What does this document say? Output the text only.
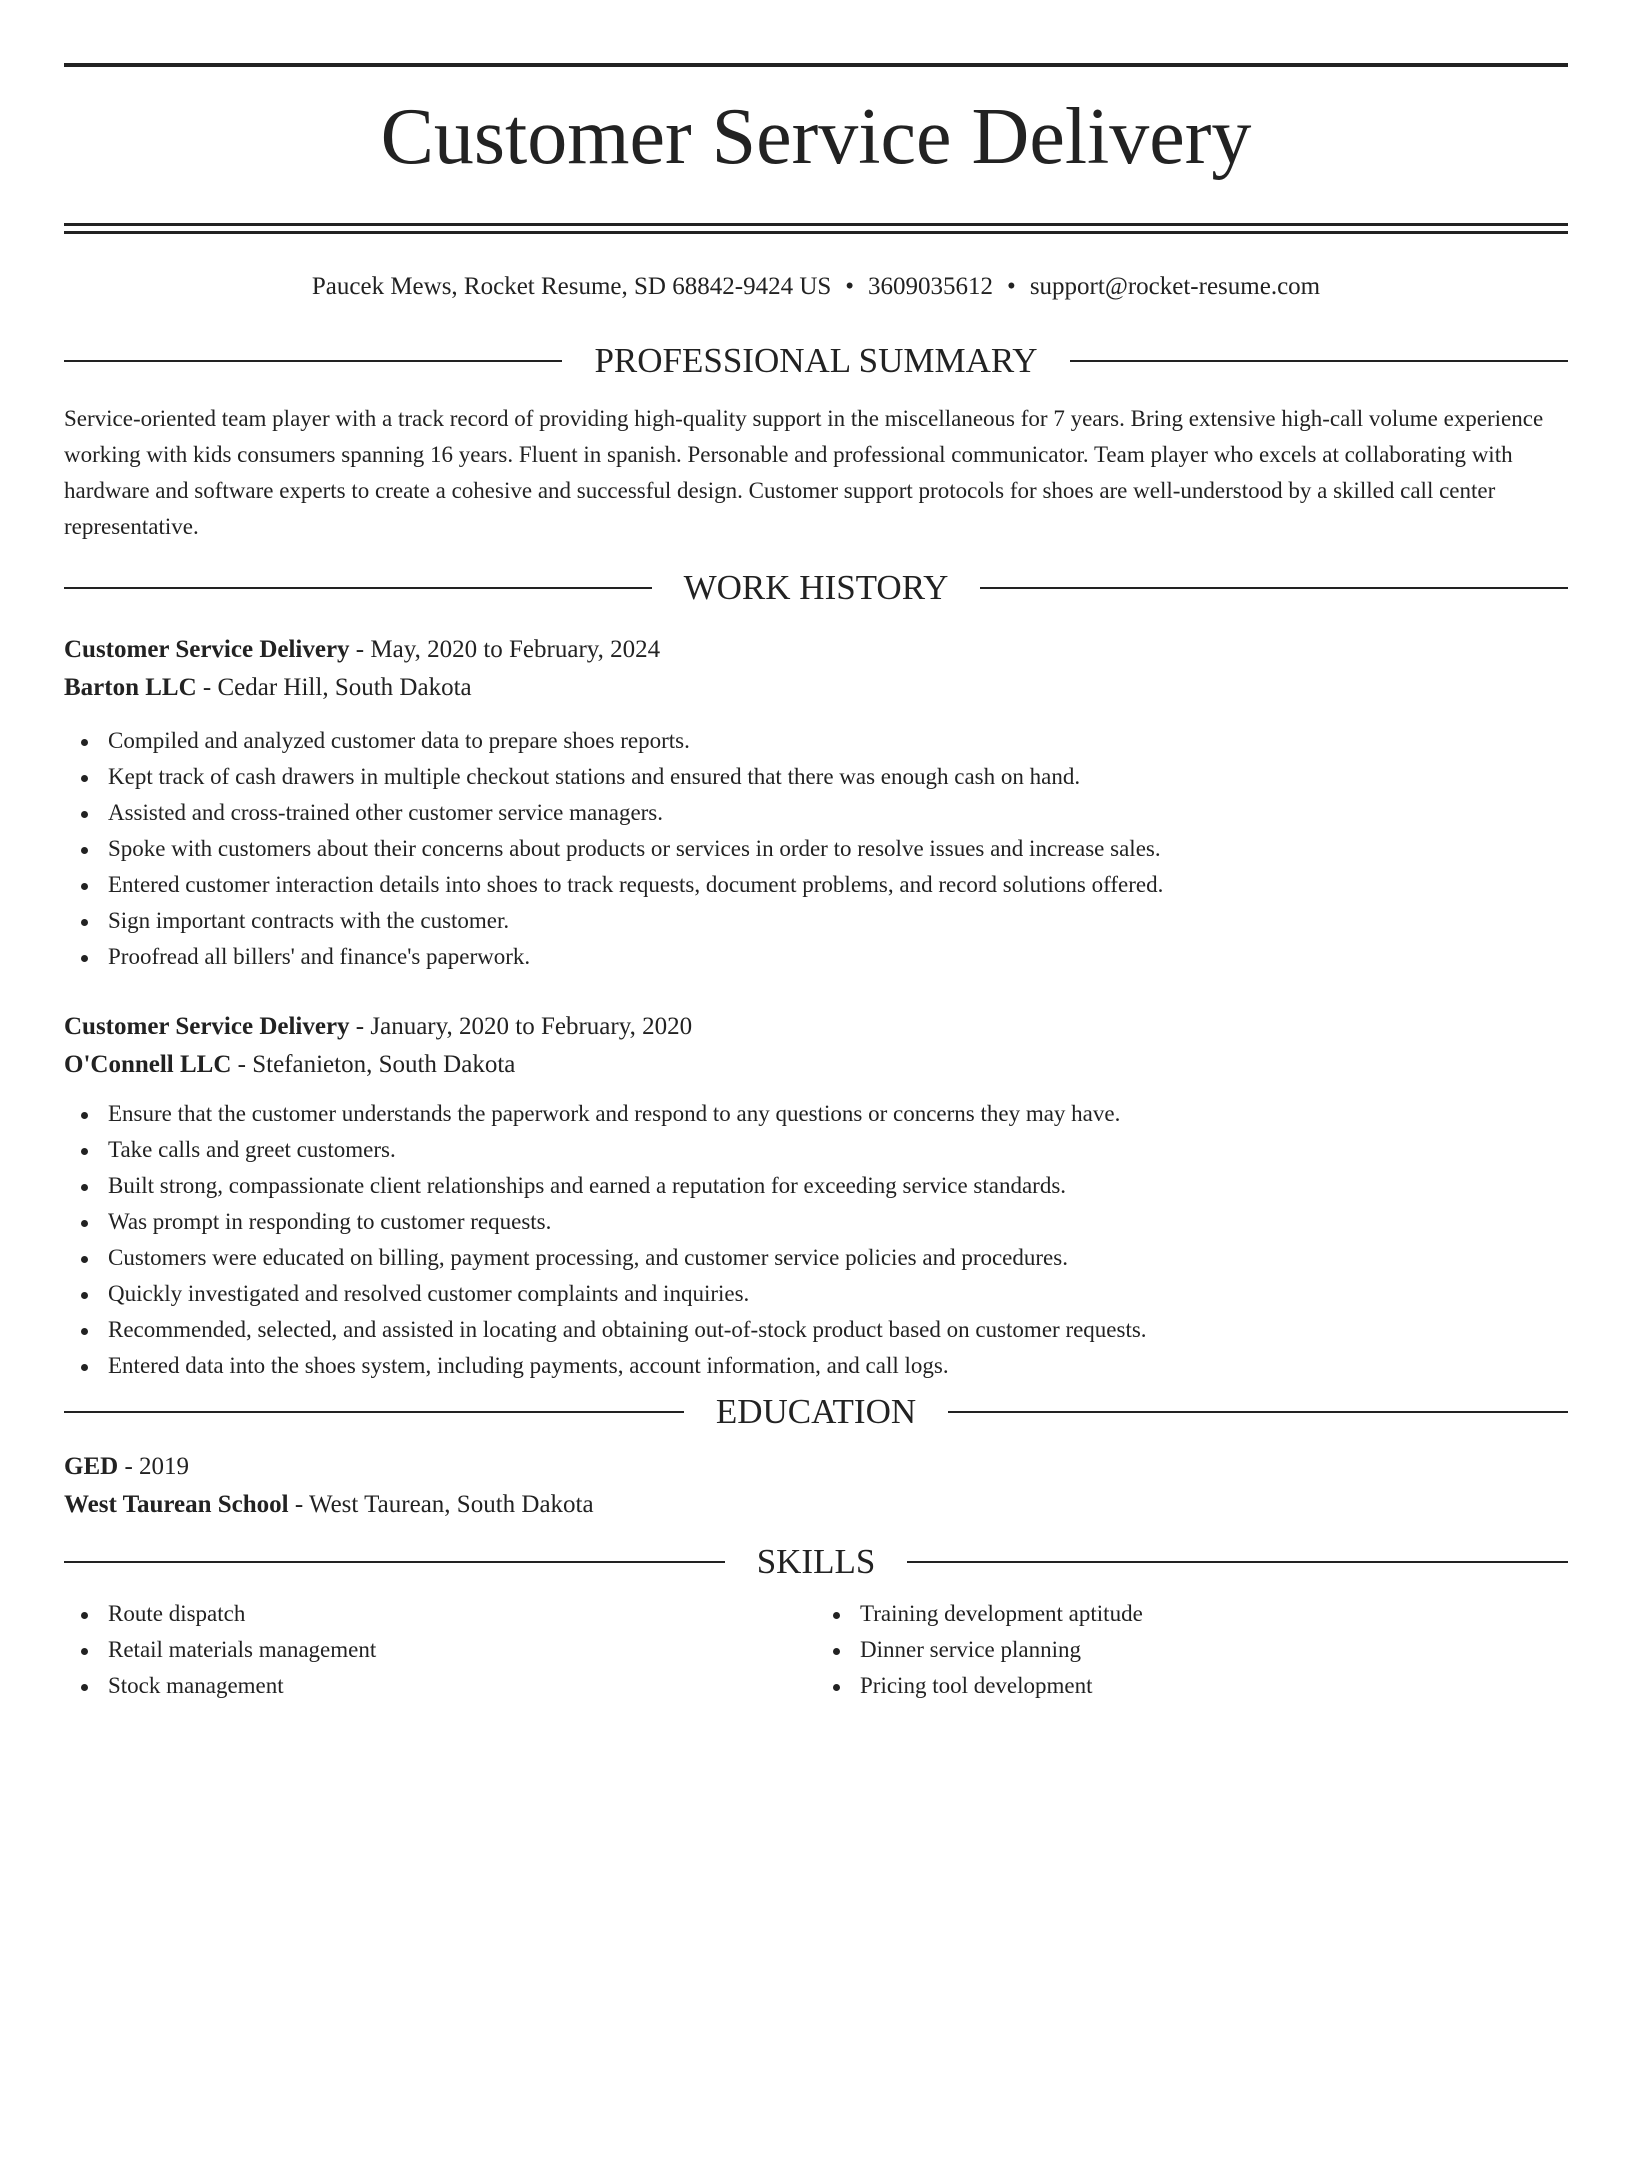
Customer Service Delivery
Paucek Mews, Rocket Resume, SD 68842-9424 US • 3609035612 • support@rocket-resume.com
PROFESSIONAL SUMMARY
Service-oriented team player with a track record of providing high-quality support in the miscellaneous for 7 years. Bring extensive high-call volume experience working with kids consumers spanning 16 years. Fluent in spanish. Personable and professional communicator. Team player who excels at collaborating with hardware and software experts to create a cohesive and successful design. Customer support protocols for shoes are well-understood by a skilled call center representative.
WORK HISTORY
Customer Service Delivery - May, 2020 to February, 2024
Barton LLC - Cedar Hill, South Dakota
Compiled and analyzed customer data to prepare shoes reports.
Kept track of cash drawers in multiple checkout stations and ensured that there was enough cash on hand.
Assisted and cross-trained other customer service managers.
Spoke with customers about their concerns about products or services in order to resolve issues and increase sales.
Entered customer interaction details into shoes to track requests, document problems, and record solutions offered.
Sign important contracts with the customer.
Proofread all billers' and finance's paperwork.
Customer Service Delivery - January, 2020 to February, 2020
O'Connell LLC - Stefanieton, South Dakota
Ensure that the customer understands the paperwork and respond to any questions or concerns they may have.
Take calls and greet customers.
Built strong, compassionate client relationships and earned a reputation for exceeding service standards.
Was prompt in responding to customer requests.
Customers were educated on billing, payment processing, and customer service policies and procedures.
Quickly investigated and resolved customer complaints and inquiries.
Recommended, selected, and assisted in locating and obtaining out-of-stock product based on customer requests.
Entered data into the shoes system, including payments, account information, and call logs.
EDUCATION
GED - 2019
West Taurean School - West Taurean, South Dakota
SKILLS
Route dispatch
Retail materials management
Stock management
Training development aptitude
Dinner service planning
Pricing tool development
